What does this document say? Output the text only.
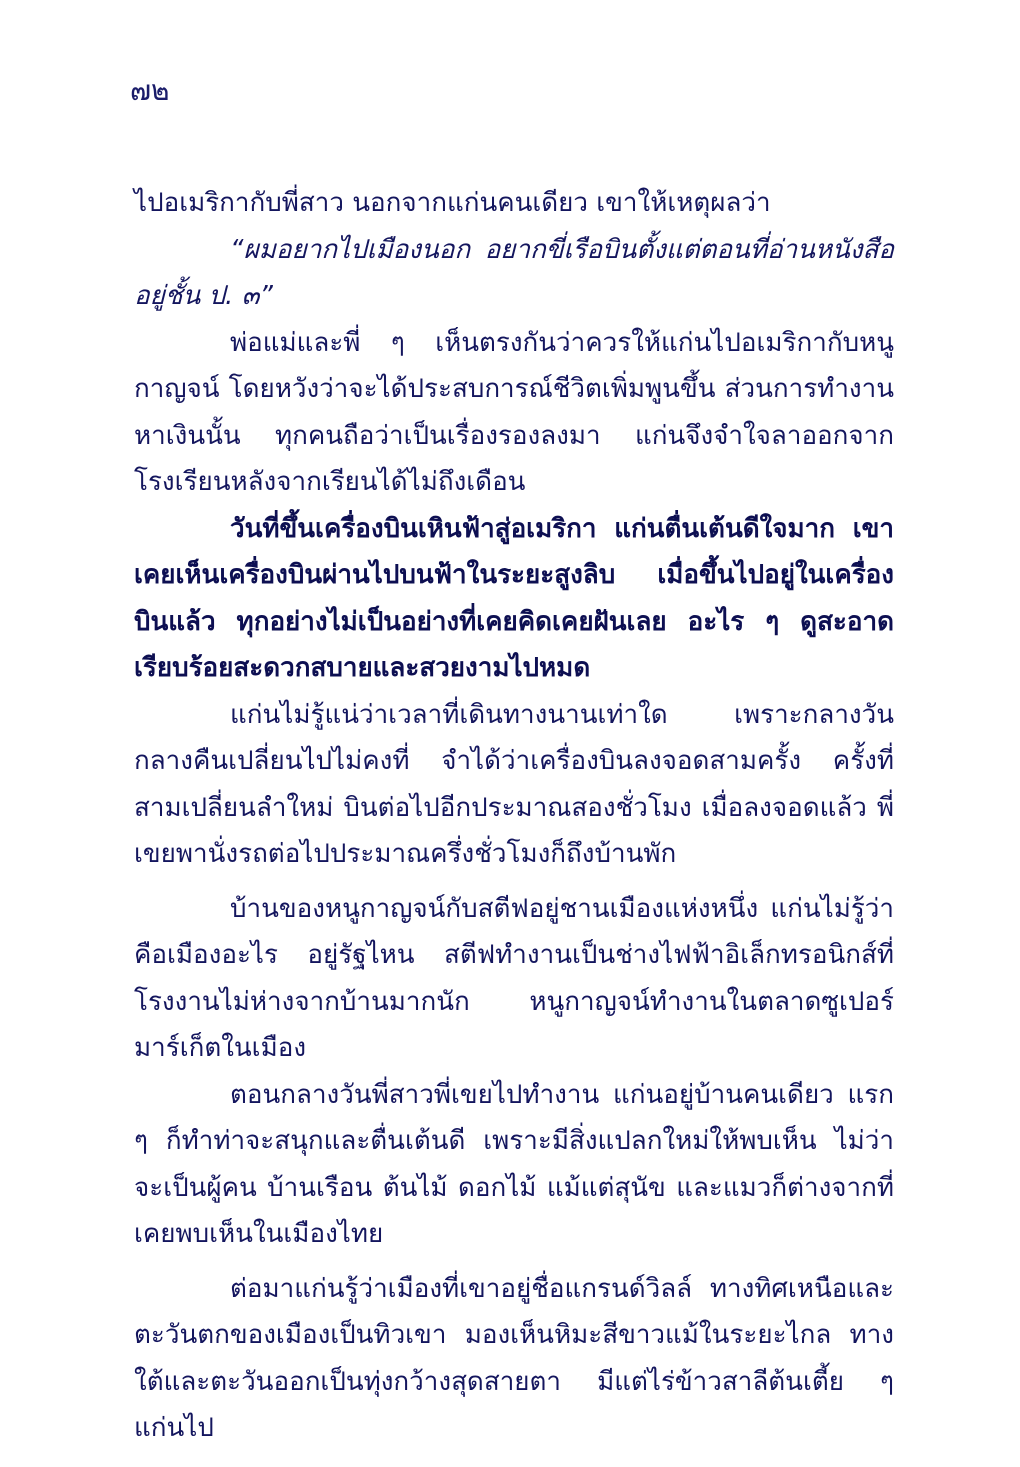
๗๒

ไปอเมริกากับพี่สาว นอกจากแก่นคนเดียว เขาให้เหตุผลว่า

“ผมอยากไปเมืองนอก อยากขี่เรือบินตั้งแต่ตอนที่อ่านหนังสืออยู่ชั้น ป. ๓”

พ่อแม่และพี่ ๆ เห็นตรงกันว่าควรให้แก่นไปอเมริกากับหนูกาญจน์ โดยหวังว่าจะได้ประสบการณ์ชีวิตเพิ่มพูนขึ้น ส่วนการทำงานหาเงินนั้น ทุกคนถือว่าเป็นเรื่องรองลงมา แก่นจึงจำใจลาออกจากโรงเรียนหลังจากเรียนได้ไม่ถึงเดือน

วันที่ขึ้นเครื่องบินเหินฟ้าสู่อเมริกา แก่นตื่นเต้นดีใจมาก เขาเคยเห็นเครื่องบินผ่านไปบนฟ้าในระยะสูงลิบ เมื่อขึ้นไปอยู่ในเครื่องบินแล้ว ทุกอย่างไม่เป็นอย่างที่เคยคิดเคยฝันเลย อะไร ๆ ดูสะอาดเรียบร้อยสะดวกสบายและสวยงามไปหมด

แก่นไม่รู้แน่ว่าเวลาที่เดินทางนานเท่าใด เพราะกลางวันกลางคืนเปลี่ยนไปไม่คงที่ จำได้ว่าเครื่องบินลงจอดสามครั้ง ครั้งที่สามเปลี่ยนลำใหม่ บินต่อไปอีกประมาณสองชั่วโมง เมื่อลงจอดแล้ว พี่เขยพานั่งรถต่อไปประมาณครึ่งชั่วโมงก็ถึงบ้านพัก

บ้านของหนูกาญจน์กับสตีฟอยู่ชานเมืองแห่งหนึ่ง แก่นไม่รู้ว่าคือเมืองอะไร อยู่รัฐไหน สตีฟทำงานเป็นช่างไฟฟ้าอิเล็กทรอนิกส์ที่โรงงานไม่ห่างจากบ้านมากนัก หนูกาญจน์ทำงานในตลาดซูเปอร์มาร์เก็ตในเมือง

ตอนกลางวันพี่สาวพี่เขยไปทำงาน แก่นอยู่บ้านคนเดียว แรก ๆ ก็ทำท่าจะสนุกและตื่นเต้นดี เพราะมีสิ่งแปลกใหม่ให้พบเห็น ไม่ว่าจะเป็นผู้คน บ้านเรือน ต้นไม้ ดอกไม้ แม้แต่สุนัข และแมวก็ต่างจากที่เคยพบเห็นในเมืองไทย

ต่อมาแก่นรู้ว่าเมืองที่เขาอยู่ชื่อแกรนด์วิลล์ ทางทิศเหนือและตะวันตกของเมืองเป็นทิวเขา มองเห็นหิมะสีขาวแม้ในระยะไกล ทางใต้และตะวันออกเป็นทุ่งกว้างสุดสายตา มีแต่ไร่ข้าวสาลีต้นเตี้ย ๆ แก่นไป
